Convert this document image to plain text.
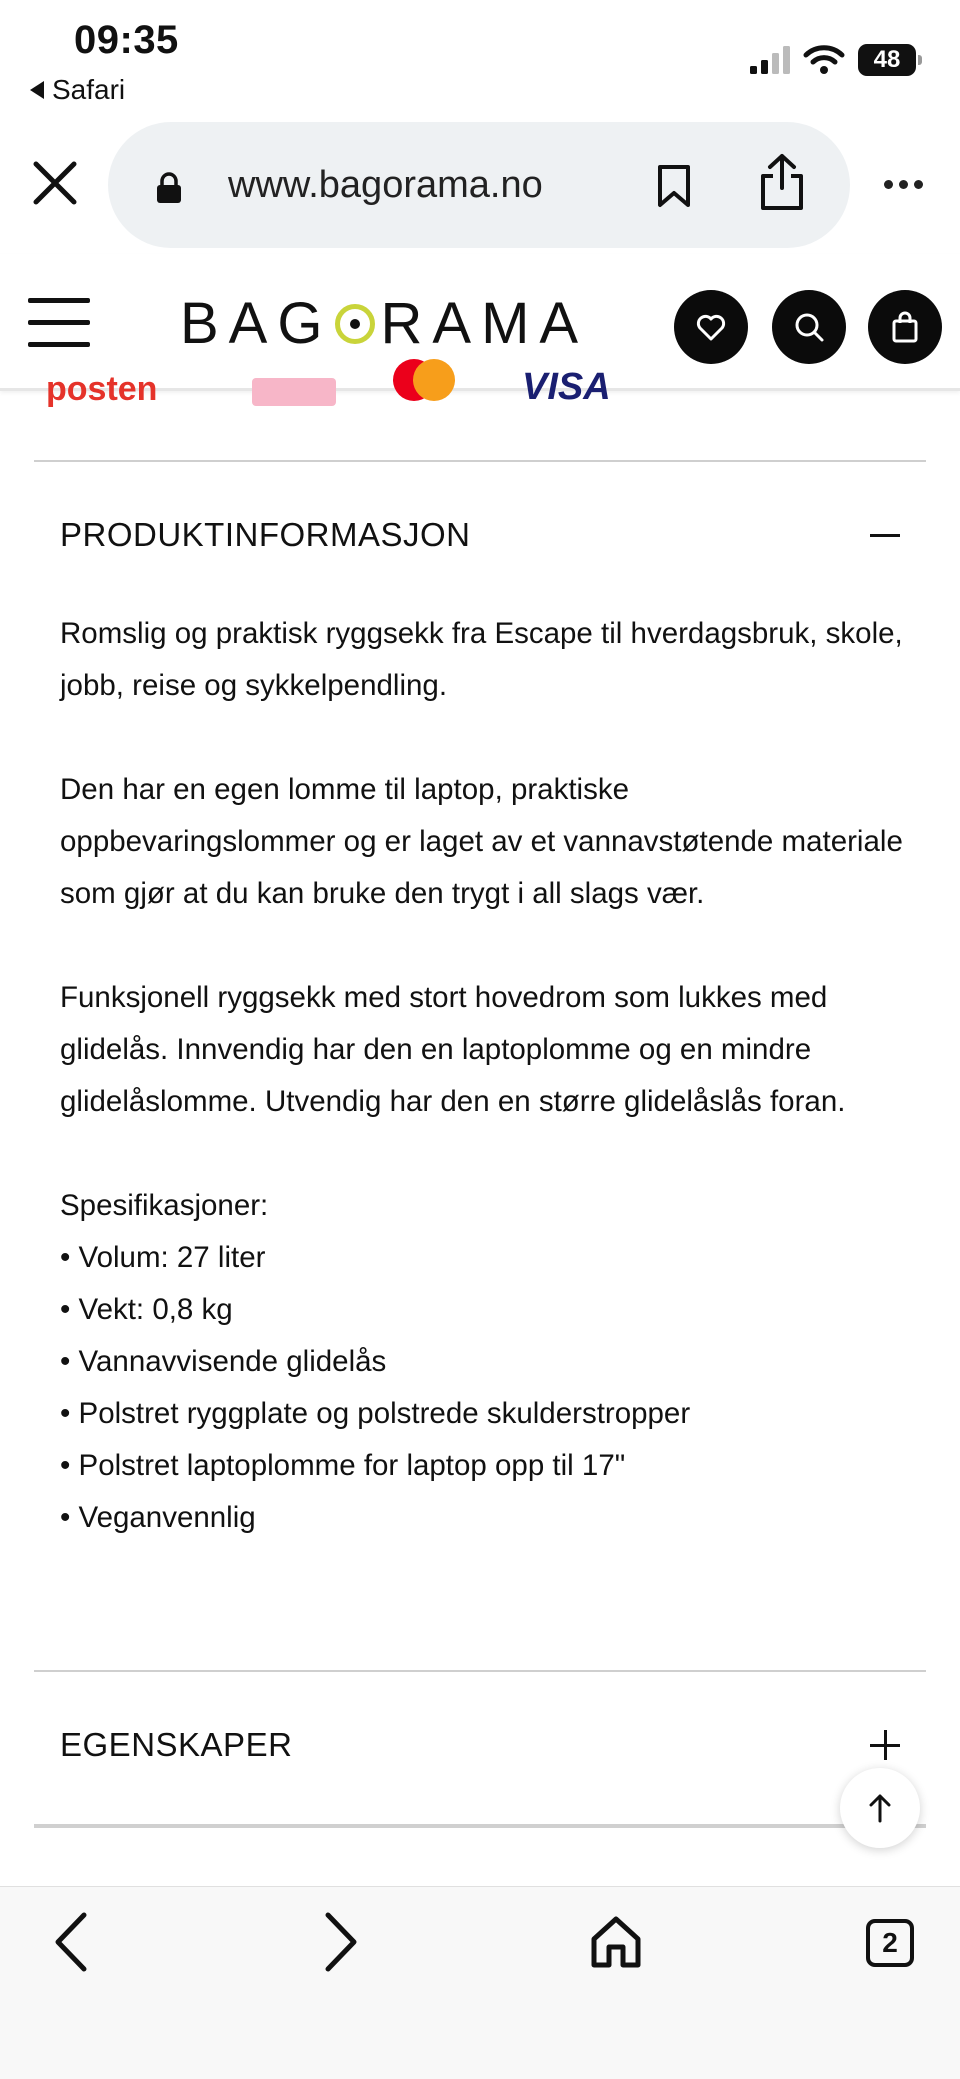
09:35
Safari
48
www.bagorama.no
BAG RAMA
posten	VISA
PRODUKTINFORMASJON

Romslig og praktisk ryggsekk fra Escape til hverdagsbruk, skole, jobb, reise og sykkelpendling.

Den har en egen lomme til laptop, praktiske oppbevaringslommer og er laget av et vannavstøtende materiale som gjør at du kan bruke den trygt i all slags vær.

Funksjonell ryggsekk med stort hovedrom som lukkes med glidelås. Innvendig har den en laptoplomme og en mindre glidelåslomme. Utvendig har den en større glidelåslås foran.

Spesifikasjoner:
• Volum: 27 liter
• Vekt: 0,8 kg
• Vannavvisende glidelås
• Polstret ryggplate og polstrede skulderstropper
• Polstret laptoplomme for laptop opp til 17"
• Veganvennlig
EGENSKAPER
2
